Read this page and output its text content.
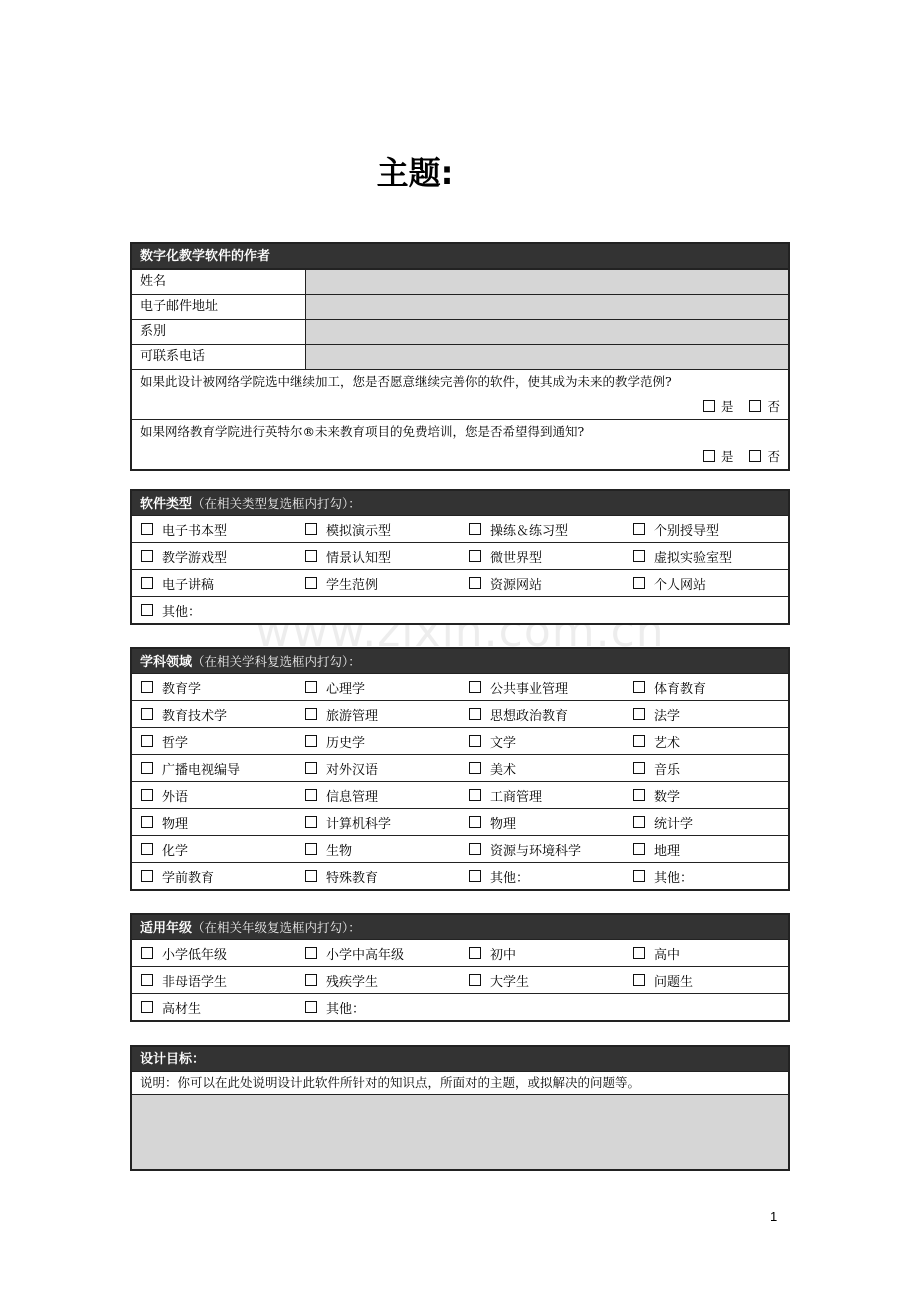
主题:
www.zixin.com.cn
数字化教学软件的作者
姓名
电子邮件地址
系別
可联系电话
如果此设计被网络学院选中继续加工，您是否愿意继续完善你的软件，使其成为未来的教学范例?
是	否
如果网络教育学院进行英特尔®未来教育项目的免费培训，您是否希望得到通知?
是	否
软件类型（在相关类型复选框内打勾）：
电子书本型	模拟演示型	操练＆练习型	个别授导型
教学游戏型	情景认知型	微世界型	虚拟实验室型
电子讲稿	学生范例	资源网站	个人网站
其他：
学科领域（在相关学科复选框内打勾）：
教育学	心理学	公共事业管理	体育教育
教育技术学	旅游管理	思想政治教育	法学
哲学	历史学	文学	艺术
广播电视编导	对外汉语	美术	音乐
外语	信息管理	工商管理	数学
物理	计算机科学	物理	统计学
化学	生物	资源与环境科学	地理
学前教育	特殊教育	其他：	其他：
适用年级（在相关年级复选框内打勾）：
小学低年级	小学中高年级	初中	高中
非母语学生	残疾学生	大学生	问题生
高材生	其他：
设计目标：
说明：你可以在此处说明设计此软件所针对的知识点，所面对的主题，或拟解决的问题等。
1
